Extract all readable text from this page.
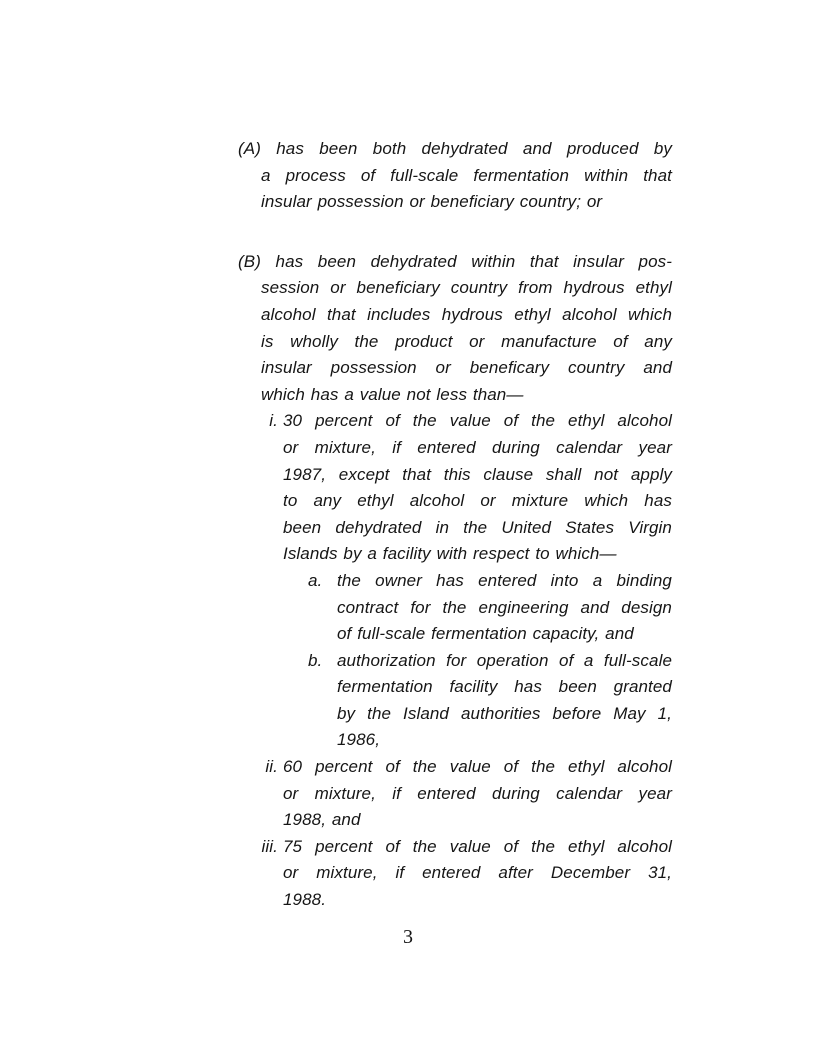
(A) has been both dehydrated and produced by
a process of full-scale fermentation within that
insular possession or beneficiary country; or
(B) has been dehydrated within that insular pos-
session or beneficiary country from hydrous ethyl
alcohol that includes hydrous ethyl alcohol which
is wholly the product or manufacture of any
insular possession or beneficary country and
which has a value not less than—
i. 30 percent of the value of the ethyl alcohol
or mixture, if entered during calendar year
1987, except that this clause shall not apply
to any ethyl alcohol or mixture which has
been dehydrated in the United States Virgin
Islands by a facility with respect to which—
a. the owner has entered into a binding
contract for the engineering and design
of full-scale fermentation capacity, and
b. authorization for operation of a full-scale
fermentation facility has been granted
by the Island authorities before May 1,
1986,
ii. 60 percent of the value of the ethyl alcohol
or mixture, if entered during calendar year
1988, and
iii. 75 percent of the value of the ethyl alcohol
or mixture, if entered after December 31,
1988.
3
